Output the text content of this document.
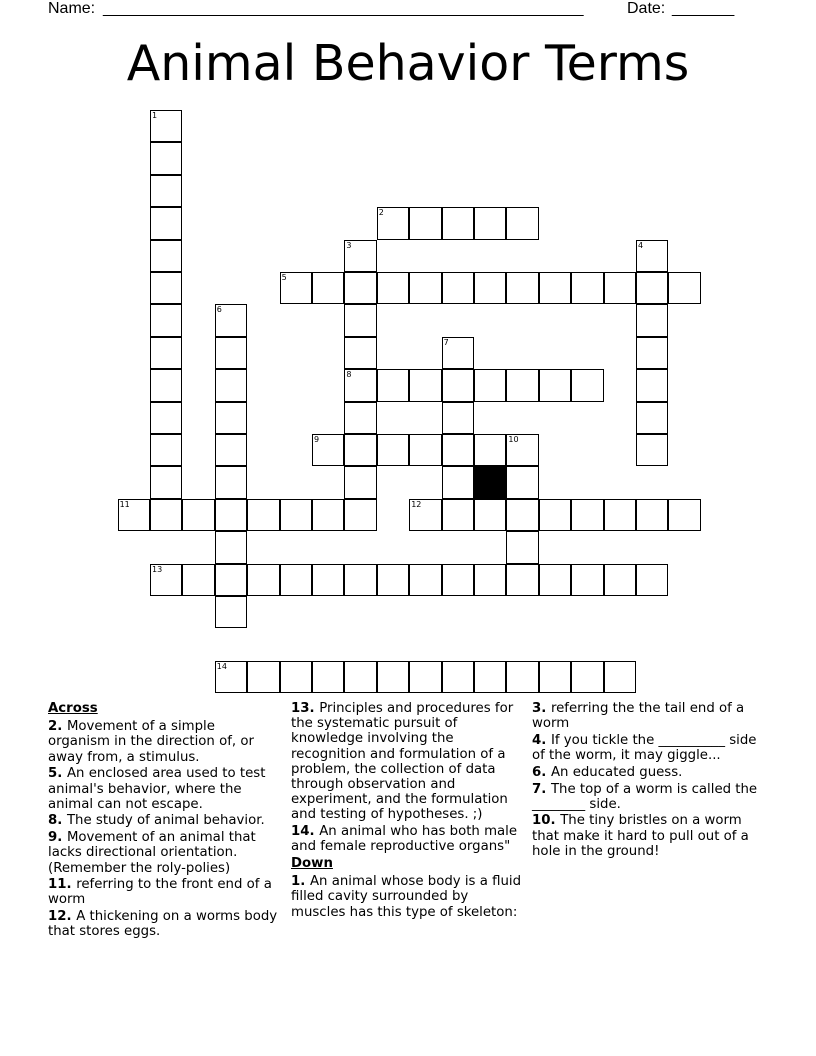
Name: ______________________________________________________	Date: _______
Animal Behavior Terms
1
2
3	4
5
6
7
8
9	10
11	12
13
14

Across

2. Movement of a simple organism in the direction of, or away from, a stimulus.

5. An enclosed area used to test animal's behavior, where the animal can not escape.

8. The study of animal behavior.

9. Movement of an animal that lacks directional orientation. (Remember the roly-polies)

11. referring to the front end of a worm

12. A thickening on a worms body that stores eggs.

13. Principles and procedures for the systematic pursuit of knowledge involving the recognition and formulation of a problem, the collection of data through observation and experiment, and the formulation and testing of hypotheses. ;)

14. An animal who has both male and female reproductive organs"

Down

1. An animal whose body is a fluid filled cavity surrounded by muscles has this type of skeleton:

3. referring the the tail end of a worm

4. If you tickle the __________ side of the worm, it may giggle...

6. An educated guess.

7. The top of a worm is called the ________ side.

10. The tiny bristles on a worm that make it hard to pull out of a hole in the ground!
